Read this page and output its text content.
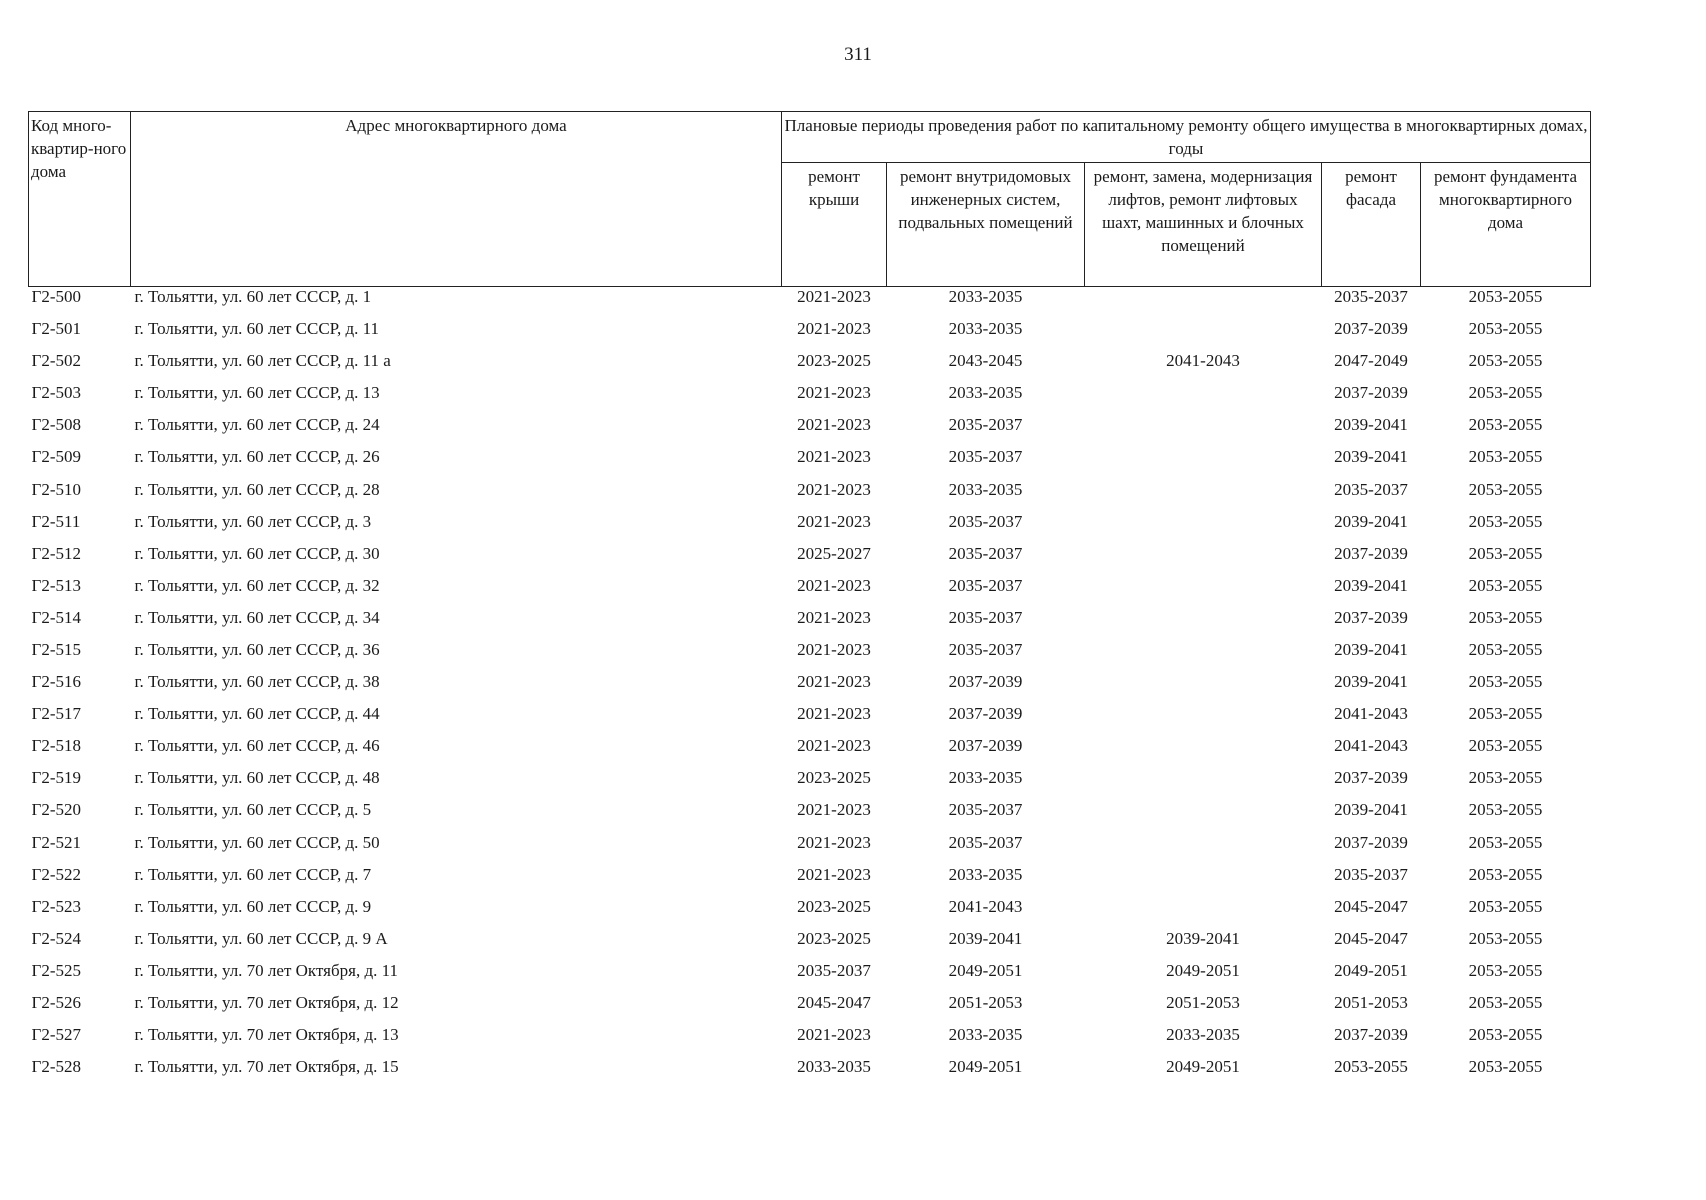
311
Код много-квартир-ного дома	Адрес многоквартирного дома	Плановые периоды проведения работ по капитальному ремонту общего имущества в многоквартирных домах, годы				
		ремонт крыши	ремонт внутридомовых инженерных систем, подвальных помещений	ремонт, замена, модернизация лифтов, ремонт лифтовых шахт, машинных и блочных помещений	ремонт фасада	ремонт фундамента многоквартирного дома
Г2-500	г. Тольятти, ул. 60 лет СССР, д. 1	2021-2023	2033-2035		2035-2037	2053-2055
Г2-501	г. Тольятти, ул. 60 лет СССР, д. 11	2021-2023	2033-2035		2037-2039	2053-2055
Г2-502	г. Тольятти, ул. 60 лет СССР, д. 11 а	2023-2025	2043-2045	2041-2043	2047-2049	2053-2055
Г2-503	г. Тольятти, ул. 60 лет СССР, д. 13	2021-2023	2033-2035		2037-2039	2053-2055
Г2-508	г. Тольятти, ул. 60 лет СССР, д. 24	2021-2023	2035-2037		2039-2041	2053-2055
Г2-509	г. Тольятти, ул. 60 лет СССР, д. 26	2021-2023	2035-2037		2039-2041	2053-2055
Г2-510	г. Тольятти, ул. 60 лет СССР, д. 28	2021-2023	2033-2035		2035-2037	2053-2055
Г2-511	г. Тольятти, ул. 60 лет СССР, д. 3	2021-2023	2035-2037		2039-2041	2053-2055
Г2-512	г. Тольятти, ул. 60 лет СССР, д. 30	2025-2027	2035-2037		2037-2039	2053-2055
Г2-513	г. Тольятти, ул. 60 лет СССР, д. 32	2021-2023	2035-2037		2039-2041	2053-2055
Г2-514	г. Тольятти, ул. 60 лет СССР, д. 34	2021-2023	2035-2037		2037-2039	2053-2055
Г2-515	г. Тольятти, ул. 60 лет СССР, д. 36	2021-2023	2035-2037		2039-2041	2053-2055
Г2-516	г. Тольятти, ул. 60 лет СССР, д. 38	2021-2023	2037-2039		2039-2041	2053-2055
Г2-517	г. Тольятти, ул. 60 лет СССР, д. 44	2021-2023	2037-2039		2041-2043	2053-2055
Г2-518	г. Тольятти, ул. 60 лет СССР, д. 46	2021-2023	2037-2039		2041-2043	2053-2055
Г2-519	г. Тольятти, ул. 60 лет СССР, д. 48	2023-2025	2033-2035		2037-2039	2053-2055
Г2-520	г. Тольятти, ул. 60 лет СССР, д. 5	2021-2023	2035-2037		2039-2041	2053-2055
Г2-521	г. Тольятти, ул. 60 лет СССР, д. 50	2021-2023	2035-2037		2037-2039	2053-2055
Г2-522	г. Тольятти, ул. 60 лет СССР, д. 7	2021-2023	2033-2035		2035-2037	2053-2055
Г2-523	г. Тольятти, ул. 60 лет СССР, д. 9	2023-2025	2041-2043		2045-2047	2053-2055
Г2-524	г. Тольятти, ул. 60 лет СССР, д. 9 А	2023-2025	2039-2041	2039-2041	2045-2047	2053-2055
Г2-525	г. Тольятти, ул. 70 лет Октября, д. 11	2035-2037	2049-2051	2049-2051	2049-2051	2053-2055
Г2-526	г. Тольятти, ул. 70 лет Октября, д. 12	2045-2047	2051-2053	2051-2053	2051-2053	2053-2055
Г2-527	г. Тольятти, ул. 70 лет Октября, д. 13	2021-2023	2033-2035	2033-2035	2037-2039	2053-2055
Г2-528	г. Тольятти, ул. 70 лет Октября, д. 15	2033-2035	2049-2051	2049-2051	2053-2055	2053-2055
